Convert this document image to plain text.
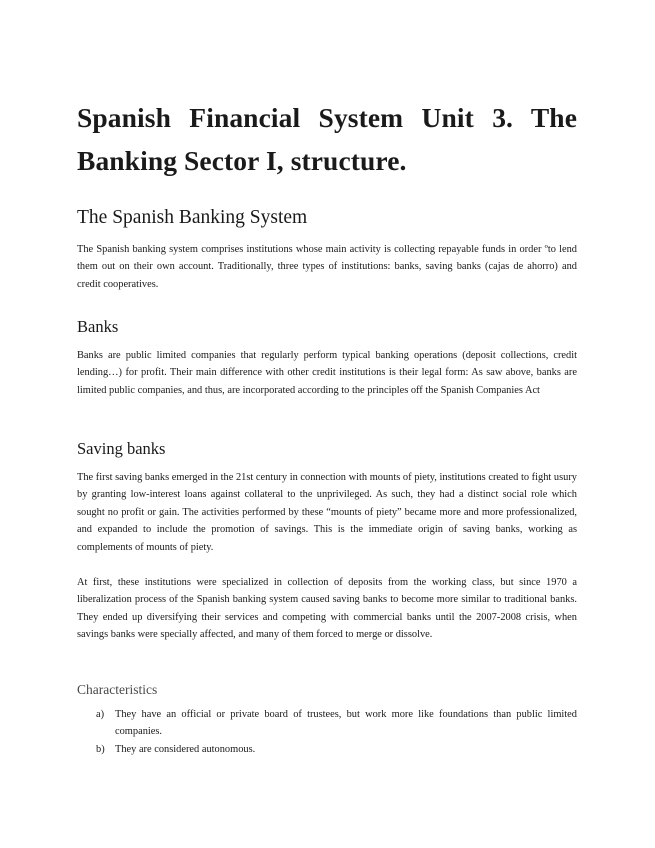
Spanish Financial System Unit 3. The
Banking Sector I, structure.
The Spanish Banking System

The Spanish banking system comprises institutions whose main activity is collecting repayable funds in order ºto lend them out on their own account. Traditionally, three types of institutions: banks, saving banks (cajas de ahorro) and credit cooperatives.

Banks

Banks are public limited companies that regularly perform typical banking operations (deposit collections, credit lending…) for profit. Their main difference with other credit institutions is their legal form: As saw above, banks are limited public companies, and thus, are incorporated according to the principles off the Spanish Companies Act

Saving banks

The first saving banks emerged in the 21st century in connection with mounts of piety, institutions created to fight usury by granting low-interest loans against collateral to the unprivileged. As such, they had a distinct social role which sought no profit or gain. The activities performed by these “mounts of piety” became more and more professionalized, and expanded to include the promotion of savings. This is the immediate origin of saving banks, working as complements of mounts of piety.

At first, these institutions were specialized in collection of deposits from the working class, but since 1970 a liberalization process of the Spanish banking system caused saving banks to become more similar to traditional banks. They ended up diversifying their services and competing with commercial banks until the 2007-2008 crisis, when savings banks were specially affected, and many of them forced to merge or dissolve.

Characteristics
a) They have an official or private board of trustees, but work more like foundations than public limited companies.
b) They are considered autonomous.
